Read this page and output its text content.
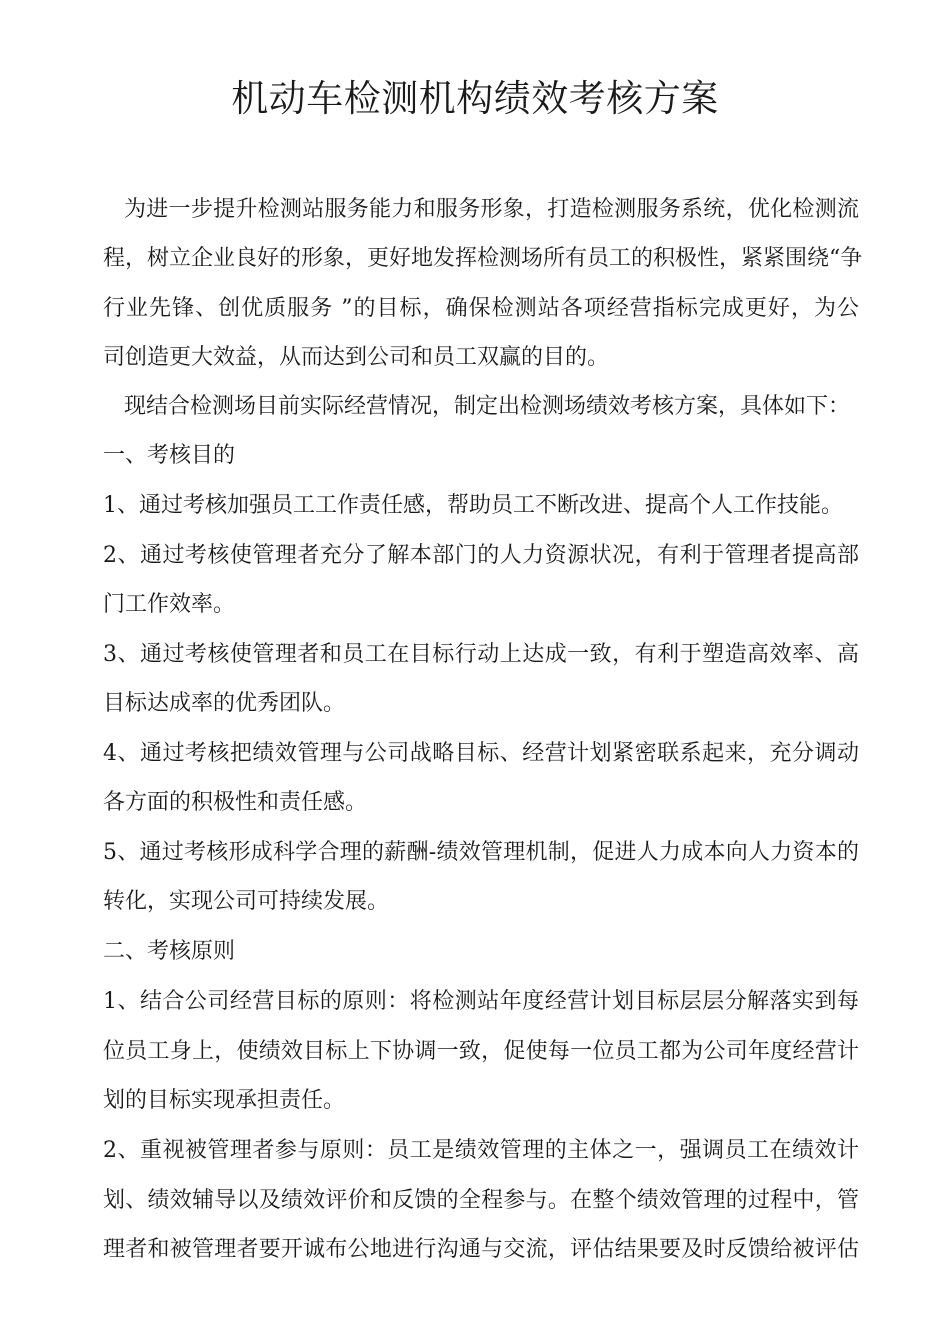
机动车检测机构绩效考核方案

为进一步提升检测站服务能力和服务形象，打造检测服务系统，优化检测流

程，树立企业良好的形象，更好地发挥检测场所有员工的积极性，紧紧围绕“争

行业先锋、创优质服务 ”的目标，确保检测站各项经营指标完成更好，为公

司创造更大效益，从而达到公司和员工双赢的目的。

现结合检测场目前实际经营情况，制定出检测场绩效考核方案，具体如下：

一、考核目的

1、通过考核加强员工工作责任感，帮助员工不断改进、提高个人工作技能。

2、通过考核使管理者充分了解本部门的人力资源状况，有利于管理者提高部

门工作效率。

3、通过考核使管理者和员工在目标行动上达成一致，有利于塑造高效率、高

目标达成率的优秀团队。

4、通过考核把绩效管理与公司战略目标、经营计划紧密联系起来，充分调动

各方面的积极性和责任感。

5、通过考核形成科学合理的薪酬-绩效管理机制，促进人力成本向人力资本的

转化，实现公司可持续发展。

二、考核原则

1、结合公司经营目标的原则：将检测站年度经营计划目标层层分解落实到每

位员工身上，使绩效目标上下协调一致，促使每一位员工都为公司年度经营计

划的目标实现承担责任。

2、重视被管理者参与原则：员工是绩效管理的主体之一，强调员工在绩效计

划、绩效辅导以及绩效评价和反馈的全程参与。在整个绩效管理的过程中，管

理者和被管理者要开诚布公地进行沟通与交流，评估结果要及时反馈给被评估
